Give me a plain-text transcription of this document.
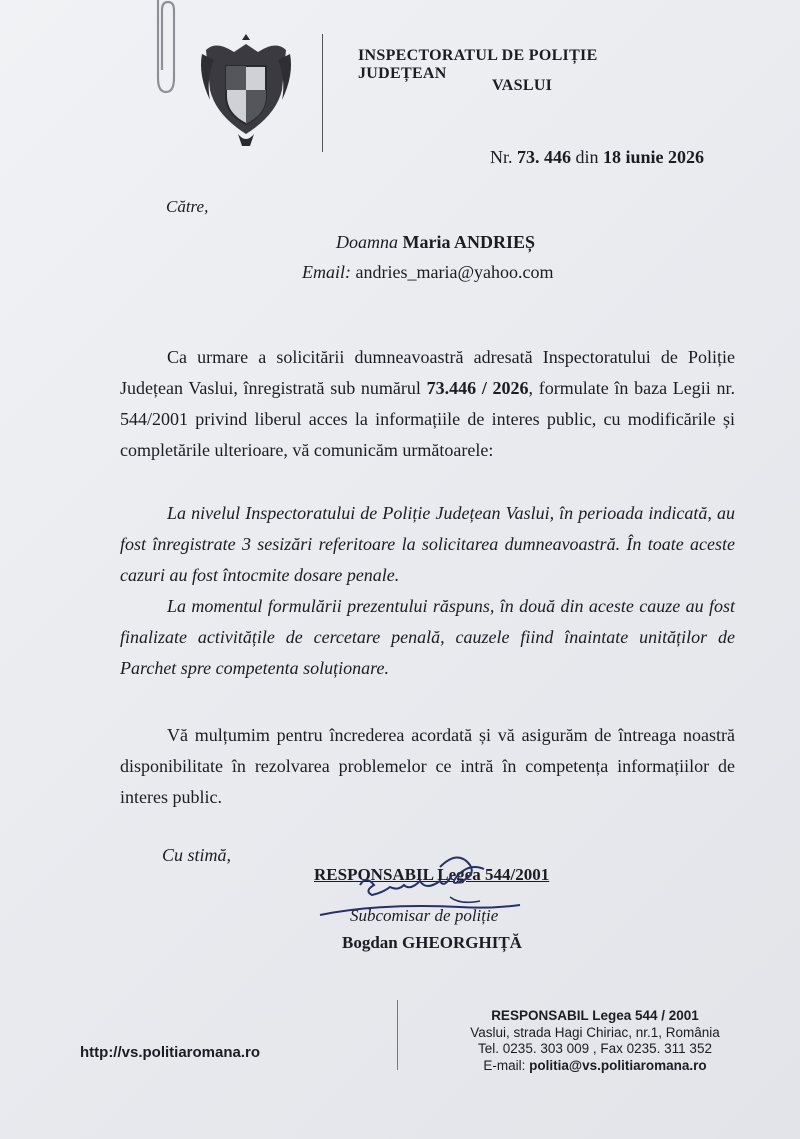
INSPECTORATUL DE POLIȚIE JUDEȚEAN
VASLUI
Nr. 73. 446 din 18 iunie 2026
Către,
Doamna Maria ANDRIEȘ
Email: andries_maria@yahoo.com

Ca urmare a solicitării dumneavoastră adresată Inspectoratului de Poliție Județean Vaslui, înregistrată sub numărul 73.446 / 2026, formulate în baza Legii nr. 544/2001 privind liberul acces la informațiile de interes public, cu modificările și completările ulterioare, vă comunicăm următoarele:

La nivelul Inspectoratului de Poliție Județean Vaslui, în perioada indicată, au fost înregistrate 3 sesizări referitoare la solicitarea dumneavoastră. În toate aceste cazuri au fost întocmite dosare penale.

La momentul formulării prezentului răspuns, în două din aceste cauze au fost finalizate activitățile de cercetare penală, cauzele fiind înaintate unităților de Parchet spre competenta soluționare.

Vă mulțumim pentru încrederea acordată și vă asigurăm de întreaga noastră disponibilitate în rezolvarea problemelor ce intră în competența informațiilor de interes public.

Cu stimă,
RESPONSABIL Legea 544/2001
Subcomisar de poliție
Bogdan GHEORGHIȚĂ
http://vs.politiaromana.ro
RESPONSABIL Legea 544 / 2001
Vaslui, strada Hagi Chiriac, nr.1, România
Tel. 0235. 303 009 , Fax 0235. 311 352
E-mail: politia@vs.politiaromana.ro
